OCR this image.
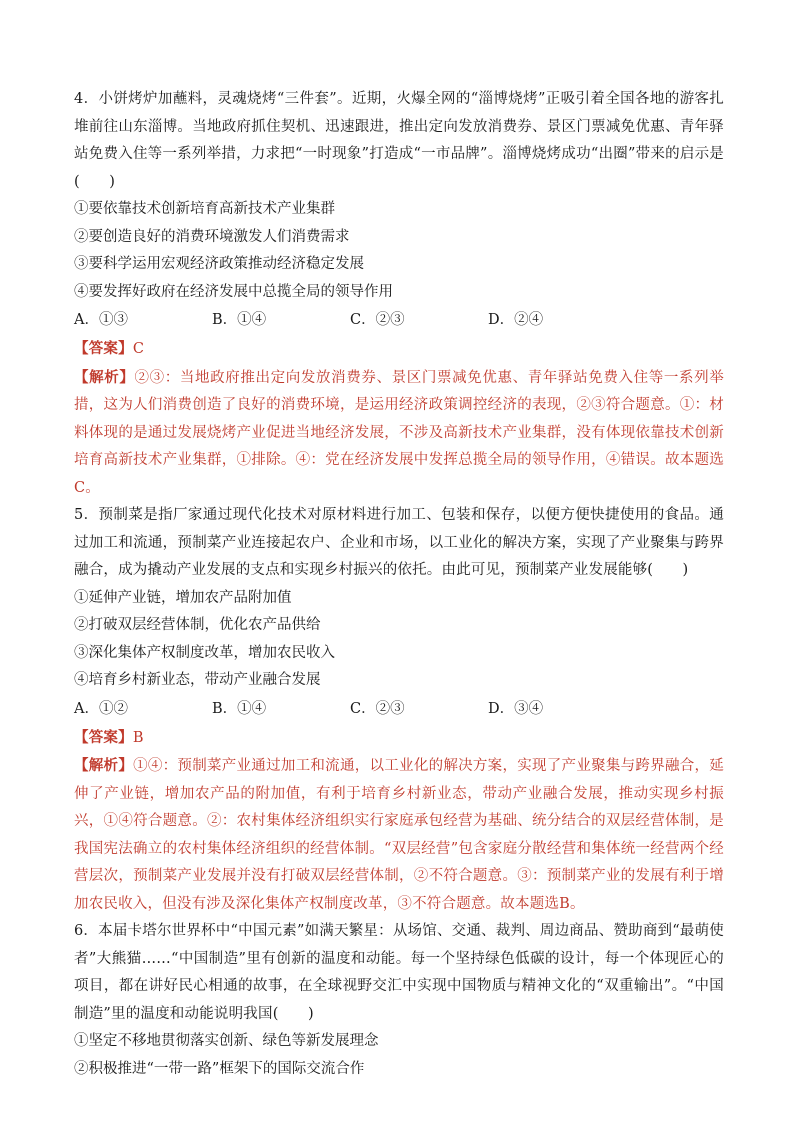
4．小饼烤炉加蘸料，灵魂烧烤“三件套”。近期，火爆全网的“淄博烧烤”正吸引着全国各地的游客扎堆前往山东淄博。当地政府抓住契机、迅速跟进，推出定向发放消费券、景区门票减免优惠、青年驿站免费入住等一系列举措，力求把“一时现象”打造成“一市品牌”。淄博烧烤成功“出圈”带来的启示是(　　)

①要依靠技术创新培育高新技术产业集群

②要创造良好的消费环境激发人们消费需求

③要科学运用宏观经济政策推动经济稳定发展

④要发挥好政府在经济发展中总揽全局的领导作用

A．①③	B．①④	C．②③	D．②④

【答案】C

【解析】②③：当地政府推出定向发放消费券、景区门票减免优惠、青年驿站免费入住等一系列举措，这为人们消费创造了良好的消费环境，是运用经济政策调控经济的表现，②③符合题意。①：材料体现的是通过发展烧烤产业促进当地经济发展，不涉及高新技术产业集群，没有体现依靠技术创新培育高新技术产业集群，①排除。④：党在经济发展中发挥总揽全局的领导作用，④错误。故本题选C。

5．预制菜是指厂家通过现代化技术对原材料进行加工、包装和保存，以便方便快捷使用的食品。通过加工和流通，预制菜产业连接起农户、企业和市场，以工业化的解决方案，实现了产业聚集与跨界融合，成为撬动产业发展的支点和实现乡村振兴的依托。由此可见，预制菜产业发展能够(　　)

①延伸产业链，增加农产品附加值

②打破双层经营体制，优化农产品供给

③深化集体产权制度改革，增加农民收入

④培育乡村新业态，带动产业融合发展

A．①②	B．①④	C．②③	D．③④

【答案】B

【解析】①④：预制菜产业通过加工和流通，以工业化的解决方案，实现了产业聚集与跨界融合，延伸了产业链，增加农产品的附加值，有利于培育乡村新业态，带动产业融合发展，推动实现乡村振兴，①④符合题意。②：农村集体经济组织实行家庭承包经营为基础、统分结合的双层经营体制，是我国宪法确立的农村集体经济组织的经营体制。“双层经营”包含家庭分散经营和集体统一经营两个经营层次，预制菜产业发展并没有打破双层经营体制，②不符合题意。③：预制菜产业的发展有利于增加农民收入，但没有涉及深化集体产权制度改革，③不符合题意。故本题选B。

6．本届卡塔尔世界杯中“中国元素”如满天繁星：从场馆、交通、裁判、周边商品、赞助商到“最萌使者”大熊猫……“中国制造”里有创新的温度和动能。每一个坚持绿色低碳的设计，每一个体现匠心的项目，都在讲好民心相通的故事，在全球视野交汇中实现中国物质与精神文化的“双重输出”。“中国制造”里的温度和动能说明我国(　　)

①坚定不移地贯彻落实创新、绿色等新发展理念

②积极推进“一带一路”框架下的国际交流合作
